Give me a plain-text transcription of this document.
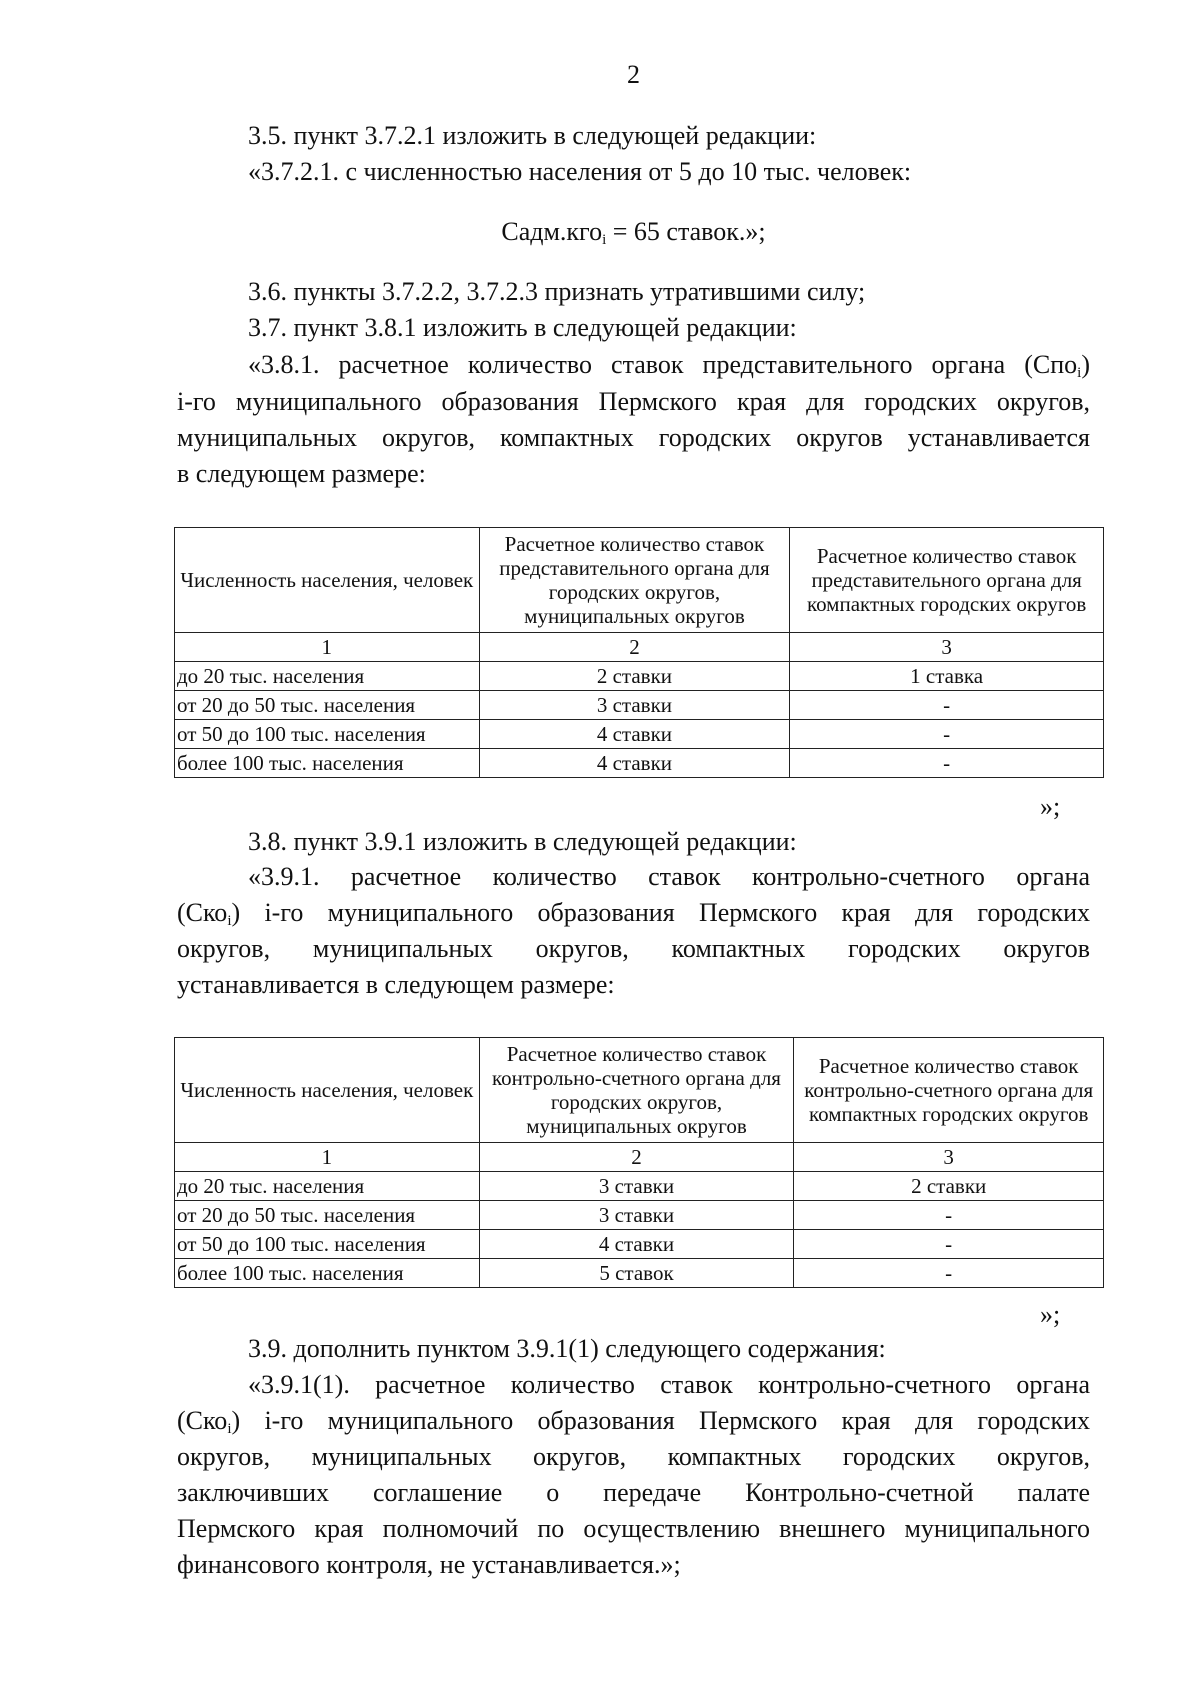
2
3.5. пункт 3.7.2.1 изложить в следующей редакции:
«3.7.2.1. с численностью населения от 5 до 10 тыс. человек:
Садм.кго$_i$ = 65 ставок.»;
3.6. пункты 3.7.2.2, 3.7.2.3 признать утратившими силу;
3.7. пункт 3.8.1 изложить в следующей редакции:
«3.8.1. расчетное количество ставок представительного органа (Спо$_i$)
i-го муниципального образования Пермского края для городских округов,
муниципальных округов, компактных городских округов устанавливается
в следующем размере:
Численность населения, человек	Расчетное количество ставок представительного органа для городских округов, муниципальных округов	Расчетное количество ставок представительного органа для компактных городских округов
1	2	3
до 20 тыс. населения	2 ставки	1 ставка
от 20 до 50 тыс. населения	3 ставки	-
от 50 до 100 тыс. населения	4 ставки	-
более 100 тыс. населения	4 ставки	-
»;
3.8. пункт 3.9.1 изложить в следующей редакции:
«3.9.1. расчетное количество ставок контрольно-счетного органа
(Ско$_i$) i-го муниципального образования Пермского края для городских
округов, муниципальных округов, компактных городских округов
устанавливается в следующем размере:
Численность населения, человек	Расчетное количество ставок контрольно-счетного органа для городских округов, муниципальных округов	Расчетное количество ставок контрольно-счетного органа для компактных городских округов
1	2	3
до 20 тыс. населения	3 ставки	2 ставки
от 20 до 50 тыс. населения	3 ставки	-
от 50 до 100 тыс. населения	4 ставки	-
более 100 тыс. населения	5 ставок	-
»;
3.9. дополнить пунктом 3.9.1(1) следующего содержания:
«3.9.1(1). расчетное количество ставок контрольно-счетного органа
(Ско$_i$) i-го муниципального образования Пермского края для городских
округов, муниципальных округов, компактных городских округов,
заключивших соглашение о передаче Контрольно-счетной палате
Пермского края полномочий по осуществлению внешнего муниципального
финансового контроля, не устанавливается.»;
